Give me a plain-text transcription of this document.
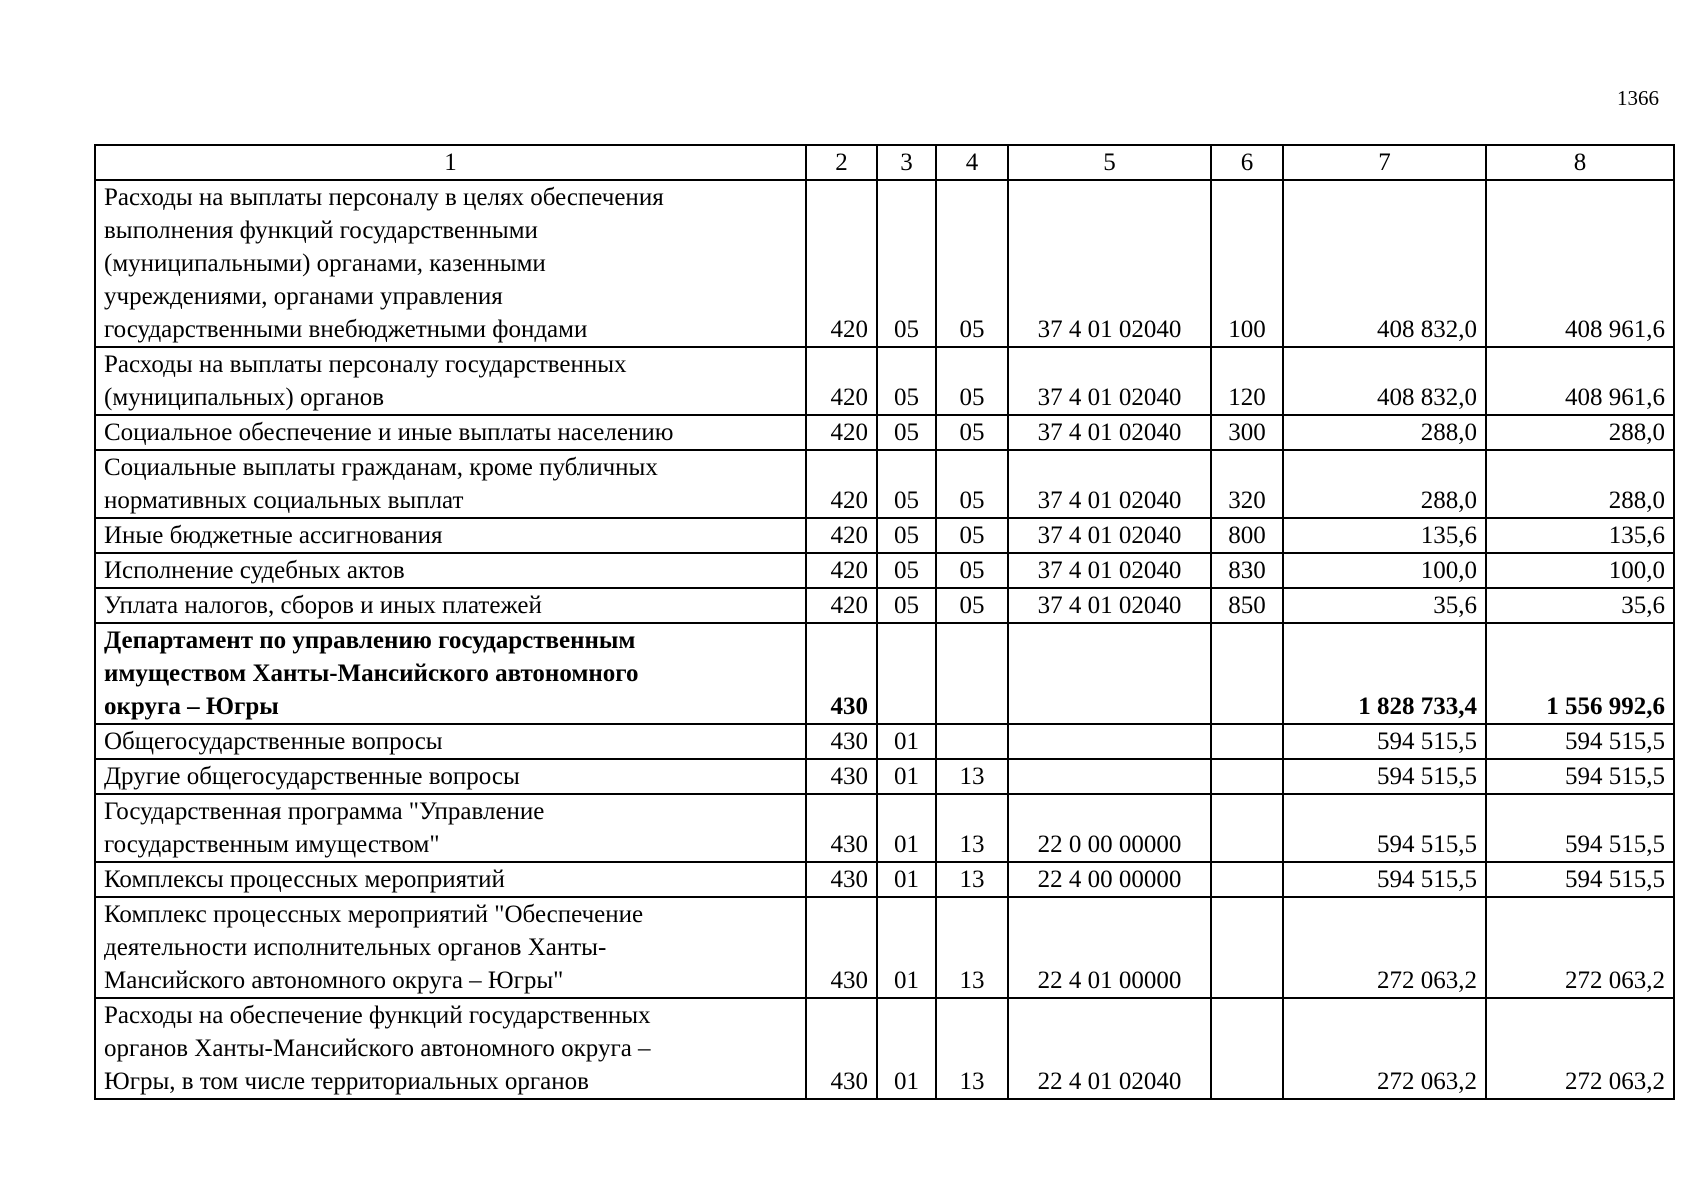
1366
1	2	3	4	5	6	7	8

Расходы на выплаты персоналу в целях обеспечения
выполнения функций государственными
(муниципальными) органами, казенными
учреждениями, органами управления
государственными внебюджетными фондами	420	05	05	37 4 01 02040	100	408 832,0	408 961,6

Расходы на выплаты персоналу государственных
(муниципальных) органов	420	05	05	37 4 01 02040	120	408 832,0	408 961,6

Социальное обеспечение и иные выплаты населению	420	05	05	37 4 01 02040	300	288,0	288,0

Социальные выплаты гражданам, кроме публичных
нормативных социальных выплат	420	05	05	37 4 01 02040	320	288,0	288,0

Иные бюджетные ассигнования	420	05	05	37 4 01 02040	800	135,6	135,6

Исполнение судебных актов	420	05	05	37 4 01 02040	830	100,0	100,0

Уплата налогов, сборов и иных платежей	420	05	05	37 4 01 02040	850	35,6	35,6

Департамент по управлению государственным
имуществом Ханты-Мансийского автономного
округа – Югры	430					1 828 733,4	1 556 992,6

Общегосударственные вопросы	430	01				594 515,5	594 515,5

Другие общегосударственные вопросы	430	01	13			594 515,5	594 515,5

Государственная программа "Управление
государственным имуществом"	430	01	13	22 0 00 00000		594 515,5	594 515,5

Комплексы процессных мероприятий	430	01	13	22 4 00 00000		594 515,5	594 515,5

Комплекс процессных мероприятий "Обеспечение
деятельности исполнительных органов Ханты-
Мансийского автономного округа – Югры"	430	01	13	22 4 01 00000		272 063,2	272 063,2

Расходы на обеспечение функций государственных
органов Ханты-Мансийского автономного округа –
Югры, в том числе территориальных органов	430	01	13	22 4 01 02040		272 063,2	272 063,2
